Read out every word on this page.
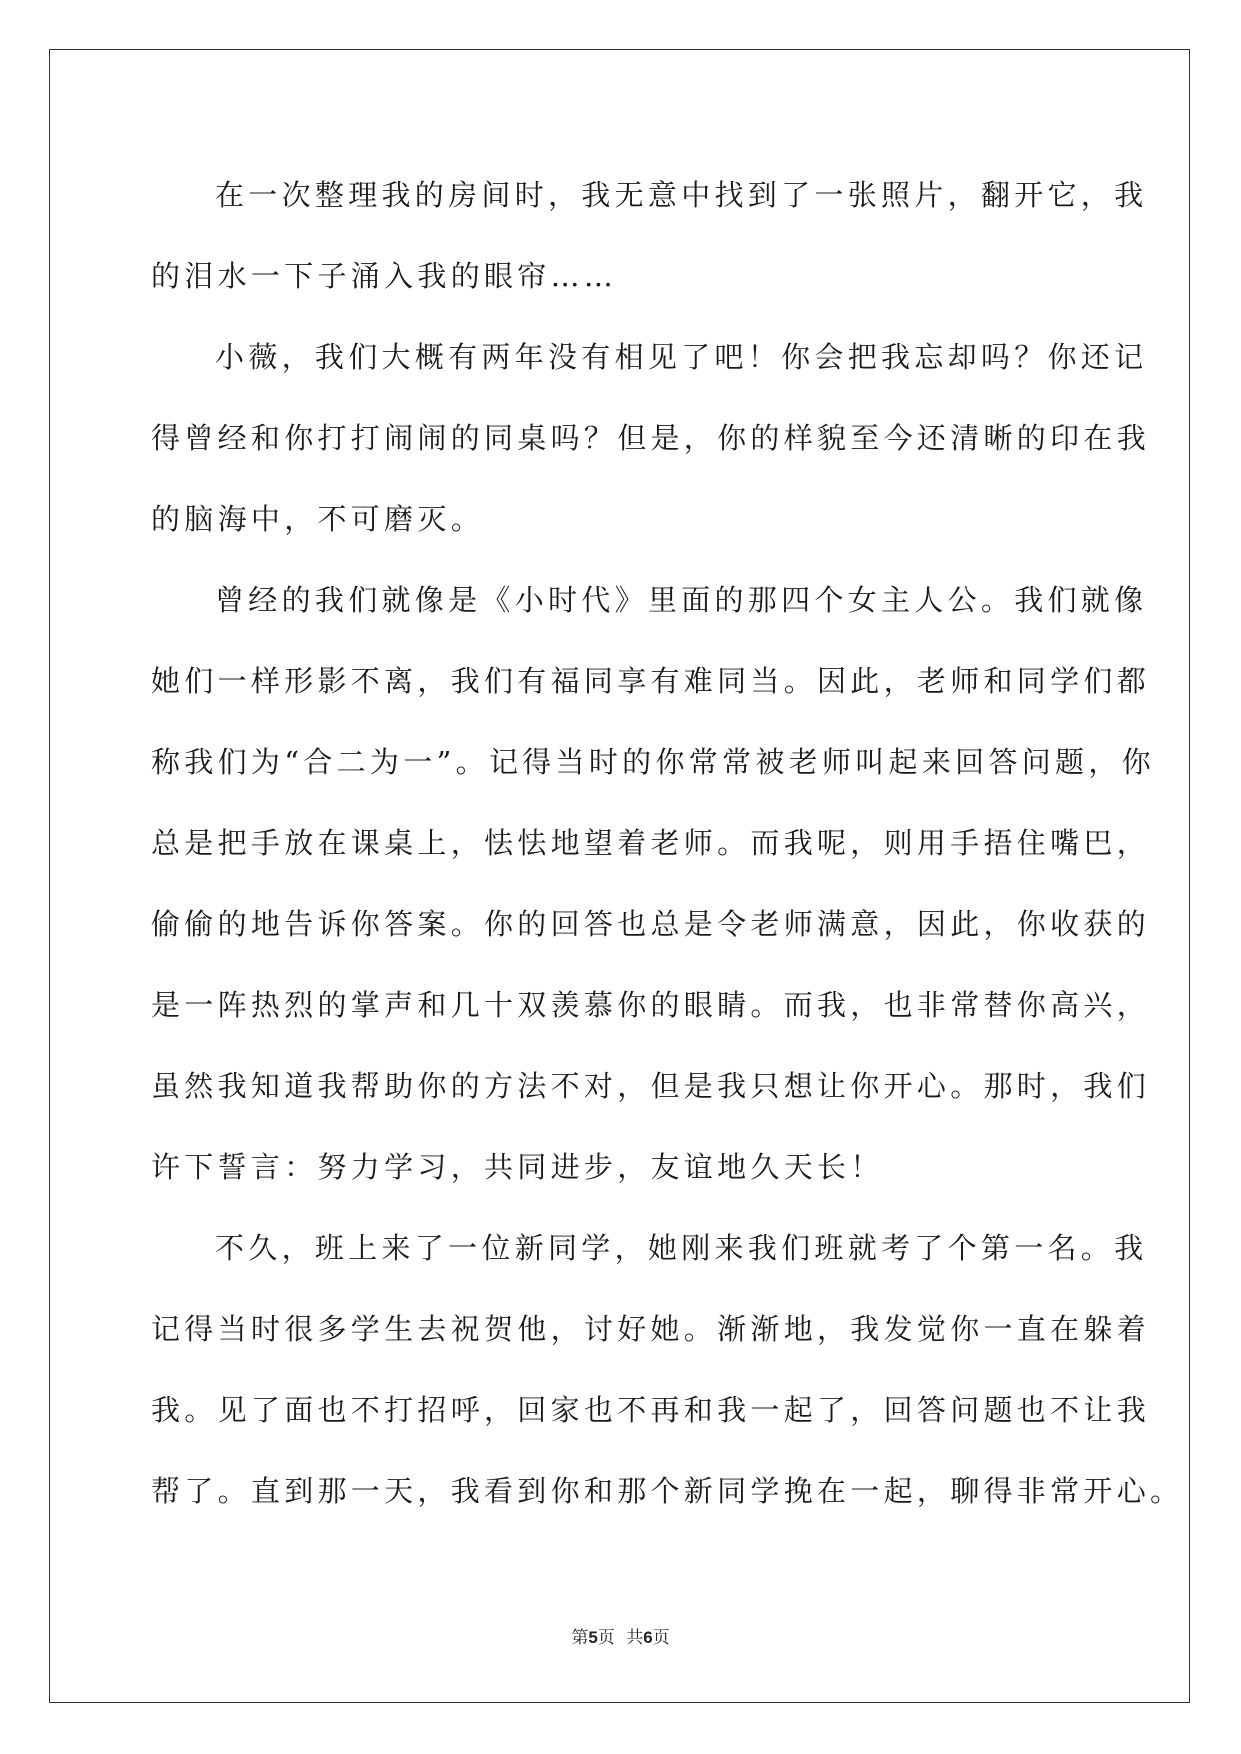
在一次整理我的房间时，我无意中找到了一张照片，翻开它，我
的泪水一下子涌入我的眼帘……
小薇，我们大概有两年没有相见了吧！你会把我忘却吗？你还记
得曾经和你打打闹闹的同桌吗？但是，你的样貌至今还清晰的印在我
的脑海中，不可磨灭。
曾经的我们就像是《小时代》里面的那四个女主人公。我们就像
她们一样形影不离，我们有福同享有难同当。因此，老师和同学们都
称我们为“合二为一”。记得当时的你常常被老师叫起来回答问题，你
总是把手放在课桌上，怯怯地望着老师。而我呢，则用手捂住嘴巴，
偷偷的地告诉你答案。你的回答也总是令老师满意，因此，你收获的
是一阵热烈的掌声和几十双羡慕你的眼睛。而我，也非常替你高兴，
虽然我知道我帮助你的方法不对，但是我只想让你开心。那时，我们
许下誓言：努力学习，共同进步，友谊地久天长！
不久，班上来了一位新同学，她刚来我们班就考了个第一名。我
记得当时很多学生去祝贺他，讨好她。渐渐地，我发觉你一直在躲着
我。见了面也不打招呼，回家也不再和我一起了，回答问题也不让我
帮了。直到那一天，我看到你和那个新同学挽在一起，聊得非常开心。
第5页 共6页
